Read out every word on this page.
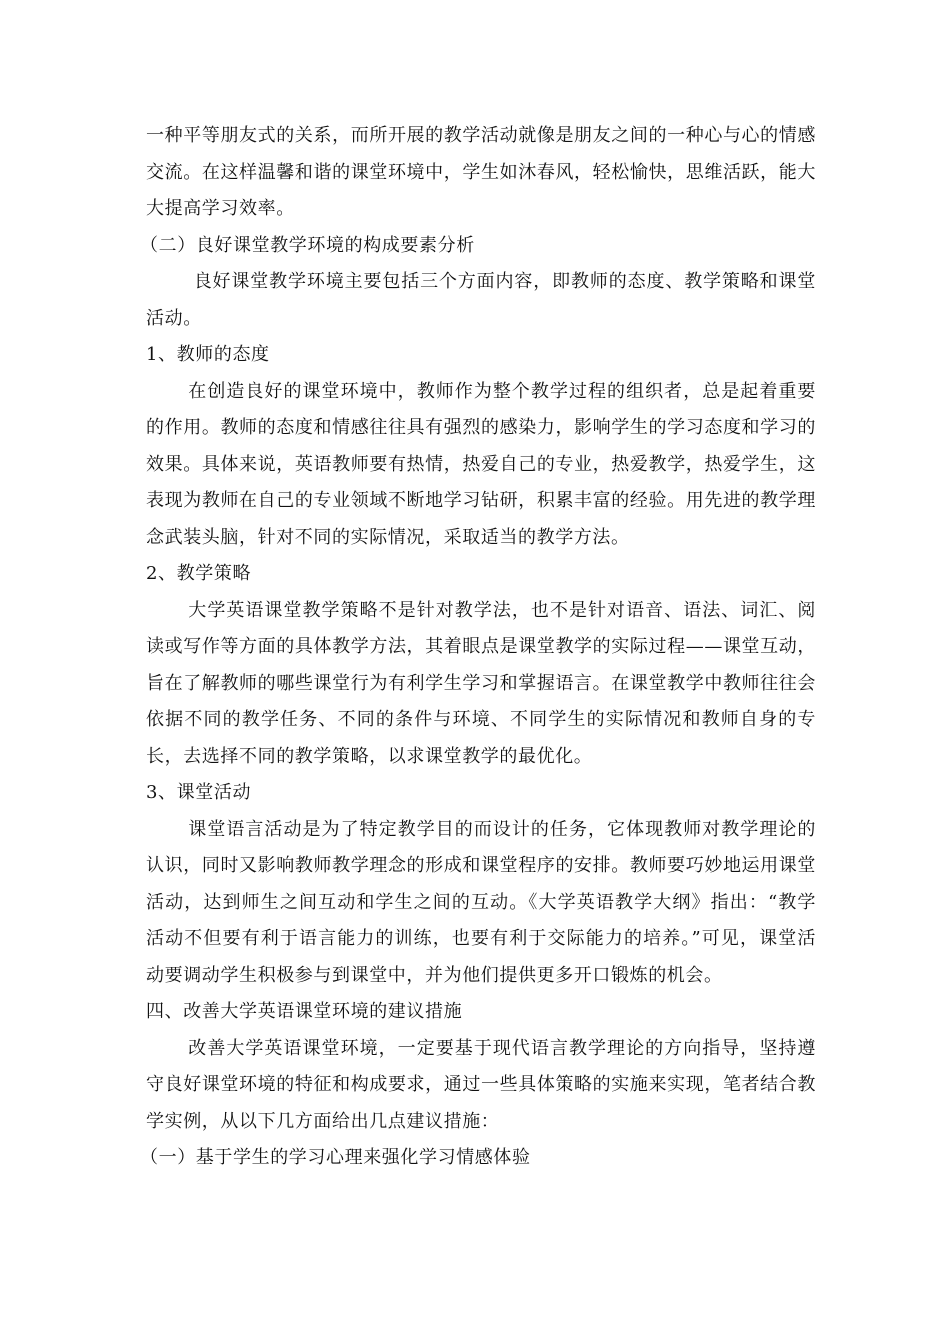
一种平等朋友式的关系，而所开展的教学活动就像是朋友之间的一种心与心的情感交流。在这样温馨和谐的课堂环境中，学生如沐春风，轻松愉快，思维活跃，能大大提高学习效率。

（二）良好课堂教学环境的构成要素分析

良好课堂教学环境主要包括三个方面内容，即教师的态度、教学策略和课堂活动。

1、教师的态度

在创造良好的课堂环境中，教师作为整个教学过程的组织者，总是起着重要的作用。教师的态度和情感往往具有强烈的感染力，影响学生的学习态度和学习的效果。具体来说，英语教师要有热情，热爱自己的专业，热爱教学，热爱学生，这表现为教师在自己的专业领域不断地学习钻研，积累丰富的经验。用先进的教学理念武装头脑，针对不同的实际情况，采取适当的教学方法。

2、教学策略

大学英语课堂教学策略不是针对教学法，也不是针对语音、语法、词汇、阅读或写作等方面的具体教学方法，其着眼点是课堂教学的实际过程——课堂互动，旨在了解教师的哪些课堂行为有利学生学习和掌握语言。在课堂教学中教师往往会依据不同的教学任务、不同的条件与环境、不同学生的实际情况和教师自身的专长，去选择不同的教学策略，以求课堂教学的最优化。

3、课堂活动

课堂语言活动是为了特定教学目的而设计的任务，它体现教师对教学理论的认识，同时又影响教师教学理念的形成和课堂程序的安排。教师要巧妙地运用课堂活动，达到师生之间互动和学生之间的互动。《大学英语教学大纲》指出：“教学活动不但要有利于语言能力的训练，也要有利于交际能力的培养。”可见，课堂活动要调动学生积极参与到课堂中，并为他们提供更多开口锻炼的机会。

四、改善大学英语课堂环境的建议措施

改善大学英语课堂环境，一定要基于现代语言教学理论的方向指导，坚持遵守良好课堂环境的特征和构成要求，通过一些具体策略的实施来实现，笔者结合教学实例，从以下几方面给出几点建议措施：

（一）基于学生的学习心理来强化学习情感体验
